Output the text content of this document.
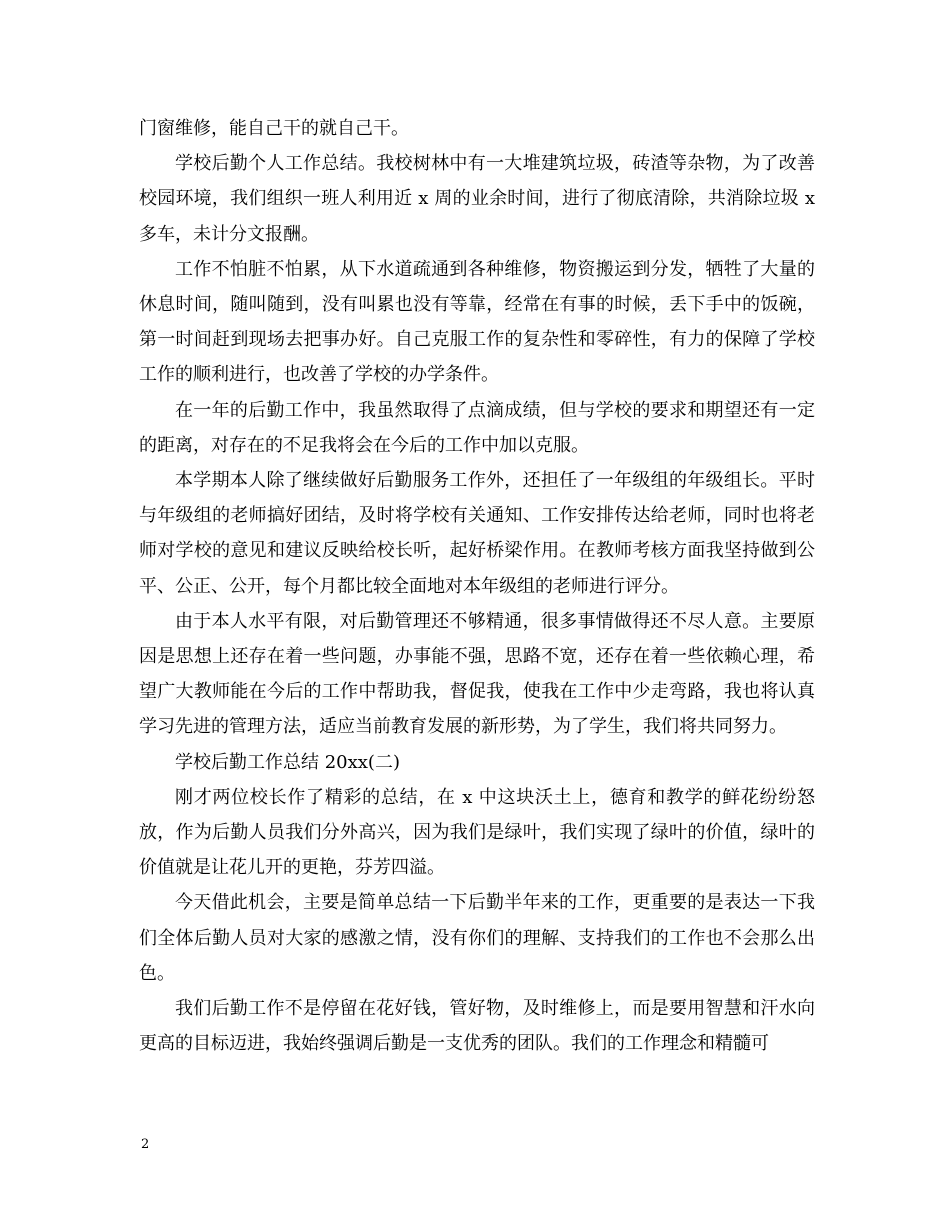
门窗维修，能自己干的就自己干。

学校后勤个人工作总结。我校树林中有一大堆建筑垃圾，砖渣等杂物，为了改善校园环境，我们组织一班人利用近 x 周的业余时间，进行了彻底清除，共消除垃圾 x 多车，未计分文报酬。

工作不怕脏不怕累，从下水道疏通到各种维修，物资搬运到分发，牺牲了大量的休息时间，随叫随到，没有叫累也没有等靠，经常在有事的时候，丢下手中的饭碗，第一时间赶到现场去把事办好。自己克服工作的复杂性和零碎性，有力的保障了学校工作的顺利进行，也改善了学校的办学条件。

在一年的后勤工作中，我虽然取得了点滴成绩，但与学校的要求和期望还有一定的距离，对存在的不足我将会在今后的工作中加以克服。

本学期本人除了继续做好后勤服务工作外，还担任了一年级组的年级组长。平时与年级组的老师搞好团结，及时将学校有关通知、工作安排传达给老师，同时也将老师对学校的意见和建议反映给校长听，起好桥梁作用。在教师考核方面我坚持做到公平、公正、公开，每个月都比较全面地对本年级组的老师进行评分。

由于本人水平有限，对后勤管理还不够精通，很多事情做得还不尽人意。主要原因是思想上还存在着一些问题，办事能不强，思路不宽，还存在着一些依赖心理，希望广大教师能在今后的工作中帮助我，督促我，使我在工作中少走弯路，我也将认真学习先进的管理方法，适应当前教育发展的新形势，为了学生，我们将共同努力。

学校后勤工作总结 20xx(二)

刚才两位校长作了精彩的总结，在 x 中这块沃土上，德育和教学的鲜花纷纷怒放，作为后勤人员我们分外高兴，因为我们是绿叶，我们实现了绿叶的价值，绿叶的价值就是让花儿开的更艳，芬芳四溢。

今天借此机会，主要是简单总结一下后勤半年来的工作，更重要的是表达一下我们全体后勤人员对大家的感激之情，没有你们的理解、支持我们的工作也不会那么出色。

我们后勤工作不是停留在花好钱，管好物，及时维修上，而是要用智慧和汗水向更高的目标迈进，我始终强调后勤是一支优秀的团队。我们的工作理念和精髓可

2
